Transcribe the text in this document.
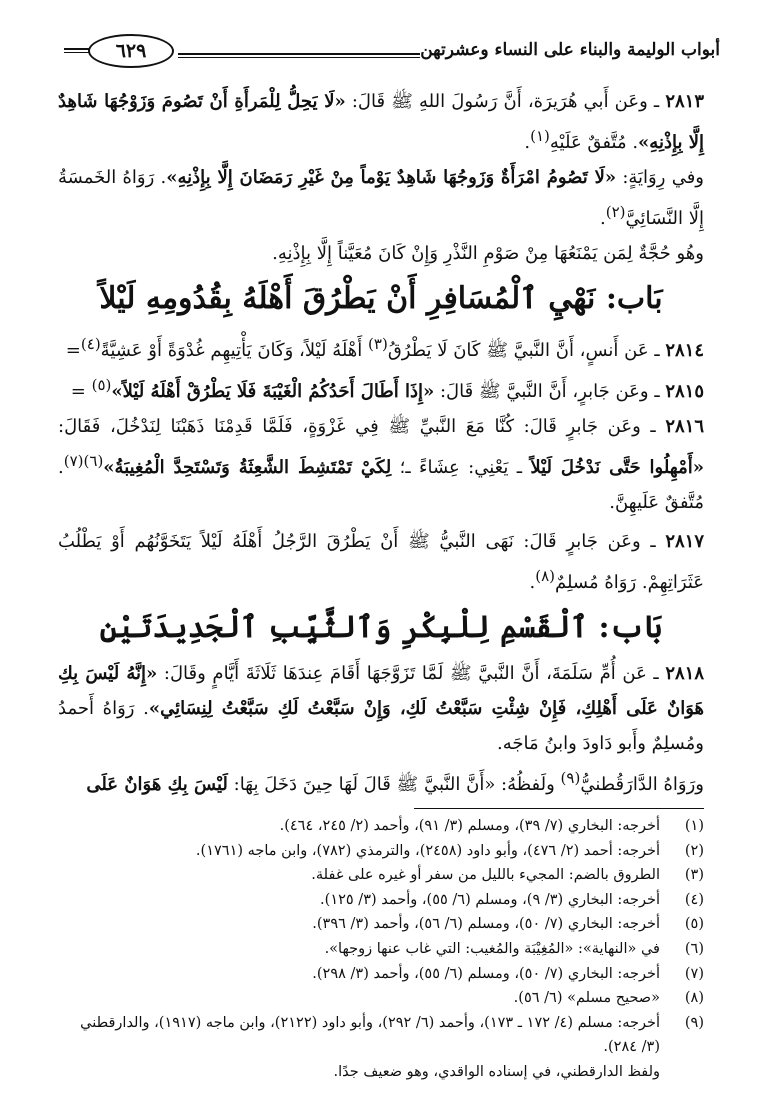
أبواب الوليمة والبناء على النساء وعشرتهن
٦٢٩

٢٨١٣ ـ وعَن أَبي هُرَيرَة، أَنَّ رَسُولَ اللهِ ﷺ قَالَ: «لَا يَحِلُّ لِلْمَرأَةِ أَنْ تَصُومَ وَزَوْجُهَا شَاهِدٌ إِلَّا بِإِذْنِهِ». مُتَّفقٌ عَلَيْهِ$^{(١)}$.

وفي رِوَايَةٍ: «لَا تَصُومُ امْرَأَةٌ وَزَوجُهَا شَاهِدٌ يَوْماً مِنْ غَيْرِ رَمَضَانَ إِلَّا بِإِذْنِهِ». رَوَاهُ الخَمسَةُ إِلَّا النَّسَائِيَّ$^{(٢)}$.

وهُو حُجَّةٌ لِمَن يَمْنَعُهَا مِنْ صَوْمِ النَّذْرِ وَإِنْ كَانَ مُعَيَّناً إِلَّا بِإِذْنِهِ.

بَاب: نَهْيِ ٱلْمُسَافِرِ أَنْ يَطْرُقَ أَهْلَهُ بِقُدُومِهِ لَيْلاً

٢٨١٤ ـ عَن أَنسٍ، أَنَّ النَّبيَّ ﷺ كَانَ لَا يَطْرُقُ$^{(٣)}$ أَهْلَهُ لَيْلاً، وَكَانَ يَأْتِيهِم غُدْوَةً أَوْ عَشِيَّةً$^{(٤)}$=

٢٨١٥ ـ وعَن جَابرٍ، أَنَّ النَّبيَّ ﷺ قَالَ: «إِذَا أَطَالَ أَحَدُكُمُ الْغَيْبَةَ فَلَا يَطْرُقْ أَهْلَهُ لَيْلاً»$^{(٥)}$ =

٢٨١٦ ـ وعَن جَابرٍ قَالَ: كُنَّا مَعَ النَّبيِّ ﷺ فِي غَزْوَةٍ، فَلَمَّا قَدِمْنَا ذَهَبْنَا لِنَدْخُلَ، فَقَالَ: «أَمْهِلُوا حَتَّى نَدْخُلَ لَيْلاً ـ يَعْنِي: عِشَاءً ـ؛ لِكَيْ تَمْتَشِطَ الشَّعِثَةُ وَتَسْتَحِدَّ الْمُغِيبَةُ»$^{(٦)(٧)}$. مُتَّفقٌ عَلَيهِنَّ.

٢٨١٧ ـ وعَن جَابرٍ قَالَ: نَهَى النَّبيُّ ﷺ أَنْ يَطْرُقَ الرَّجُلُ أَهْلَهُ لَيْلاً يَتَخَوَّنُهُم أَوْ يَطْلُبُ عَثَرَاتِهِمْ. رَوَاهُ مُسلِمٌ$^{(٨)}$.

بَاب: ٱلْقَسْمِ لِلْبِكْرِ وَٱلثَّيِّبِ ٱلْجَدِيدَتَيْنِ

٢٨١٨ ـ عَن أُمِّ سَلَمَةَ، أَنَّ النَّبيَّ ﷺ لَمَّا تَزَوَّجَهَا أَقَامَ عِندَهَا ثَلَاثَةَ أَيَّامٍ وقَالَ: «إِنَّهُ لَيْسَ بِكِ هَوَانٌ عَلَى أَهْلِكِ، فَإِنْ شِئْتِ سَبَّعْتُ لَكِ، وَإِنْ سَبَّعْتُ لَكِ سَبَّعْتُ لِنِسَائِي». رَوَاهُ أَحمدُ ومُسلِمٌ وأَبو دَاودَ وابنُ مَاجَه.

ورَوَاهُ الدَّارَقُطنيُّ$^{(٩)}$ ولَفظُهُ: «أَنَّ النَّبيَّ ﷺ قَالَ لَهَا حِينَ دَخَلَ بِهَا: لَيْسَ بِكِ هَوَانٌ عَلَى

(١)
أخرجه: البخاري (٧/ ٣٩)، ومسلم (٣/ ٩١)، وأحمد (٢/ ٢٤٥، ٤٦٤).
(٢)
أخرجه: أحمد (٢/ ٤٧٦)، وأبو داود (٢٤٥٨)، والترمذي (٧٨٢)، وابن ماجه (١٧٦١).
(٣)
الطروق بالضم: المجيء بالليل من سفر أو غيره على غفلة.
(٤)
أخرجه: البخاري (٣/ ٩)، ومسلم (٦/ ٥٥)، وأحمد (٣/ ١٢٥).
(٥)
أخرجه: البخاري (٧/ ٥٠)، ومسلم (٦/ ٥٦)، وأحمد (٣/ ٣٩٦).
(٦)
في «النهاية»: «المُغِيْبَة والمُغيب: التي غاب عنها زوجها».
(٧)
أخرجه: البخاري (٧/ ٥٠)، ومسلم (٦/ ٥٥)، وأحمد (٣/ ٢٩٨).
(٨)
«صحيح مسلم» (٦/ ٥٦).
(٩)
أخرجه: مسلم (٤/ ١٧٢ ـ ١٧٣)، وأحمد (٦/ ٢٩٢)، وأبو داود (٢١٢٢)، وابن ماجه (١٩١٧)، والدارقطني (٣/ ٢٨٤).
ولفظ الدارقطني، في إسناده الواقدي، وهو ضعيف جدًا.
